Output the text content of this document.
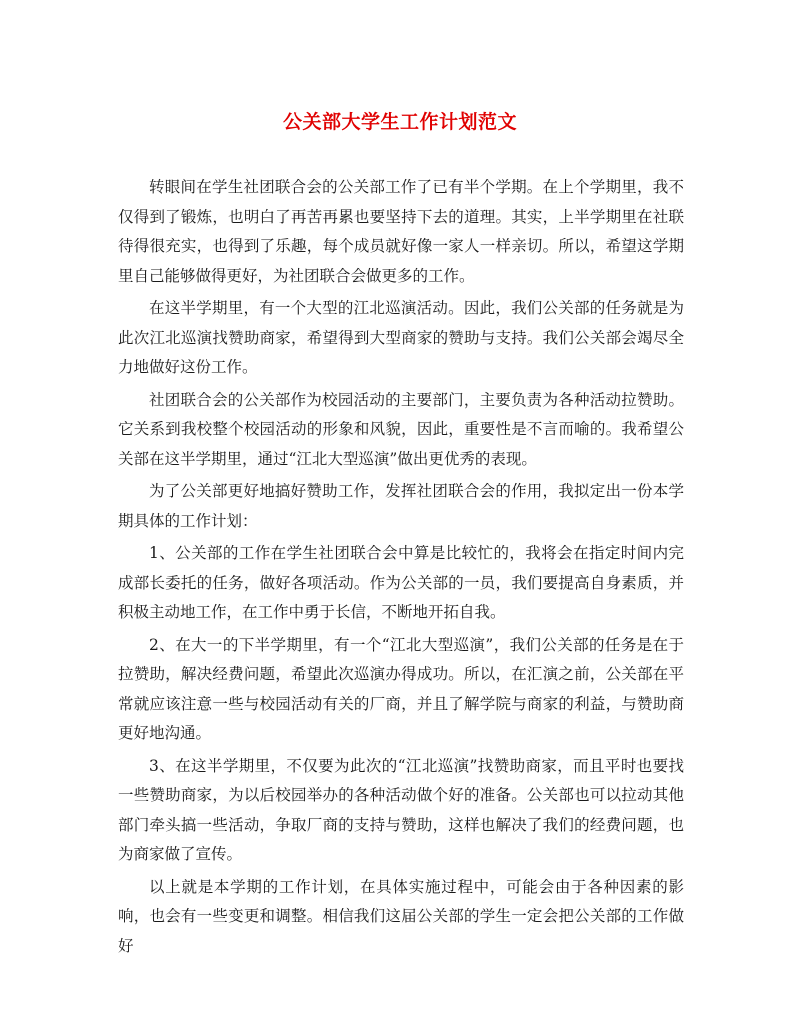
公关部大学生工作计划范文

转眼间在学生社团联合会的公关部工作了已有半个学期。在上个学期里，我不仅得到了锻炼，也明白了再苦再累也要坚持下去的道理。其实，上半学期里在社联待得很充实，也得到了乐趣，每个成员就好像一家人一样亲切。所以，希望这学期里自己能够做得更好，为社团联合会做更多的工作。

在这半学期里，有一个大型的江北巡演活动。因此，我们公关部的任务就是为此次江北巡演找赞助商家，希望得到大型商家的赞助与支持。我们公关部会竭尽全力地做好这份工作。

社团联合会的公关部作为校园活动的主要部门，主要负责为各种活动拉赞助。它关系到我校整个校园活动的形象和风貌，因此，重要性是不言而喻的。我希望公关部在这半学期里，通过“江北大型巡演”做出更优秀的表现。

为了公关部更好地搞好赞助工作，发挥社团联合会的作用，我拟定出一份本学期具体的工作计划：

1、公关部的工作在学生社团联合会中算是比较忙的，我将会在指定时间内完成部长委托的任务，做好各项活动。作为公关部的一员，我们要提高自身素质，并积极主动地工作，在工作中勇于长信，不断地开拓自我。

2、在大一的下半学期里，有一个“江北大型巡演”，我们公关部的任务是在于拉赞助，解决经费问题，希望此次巡演办得成功。所以，在汇演之前，公关部在平常就应该注意一些与校园活动有关的厂商，并且了解学院与商家的利益，与赞助商更好地沟通。

3、在这半学期里，不仅要为此次的“江北巡演”找赞助商家，而且平时也要找一些赞助商家，为以后校园举办的各种活动做个好的准备。公关部也可以拉动其他部门牵头搞一些活动，争取厂商的支持与赞助，这样也解决了我们的经费问题，也为商家做了宣传。

以上就是本学期的工作计划，在具体实施过程中，可能会由于各种因素的影响，也会有一些变更和调整。相信我们这届公关部的学生一定会把公关部的工作做好
